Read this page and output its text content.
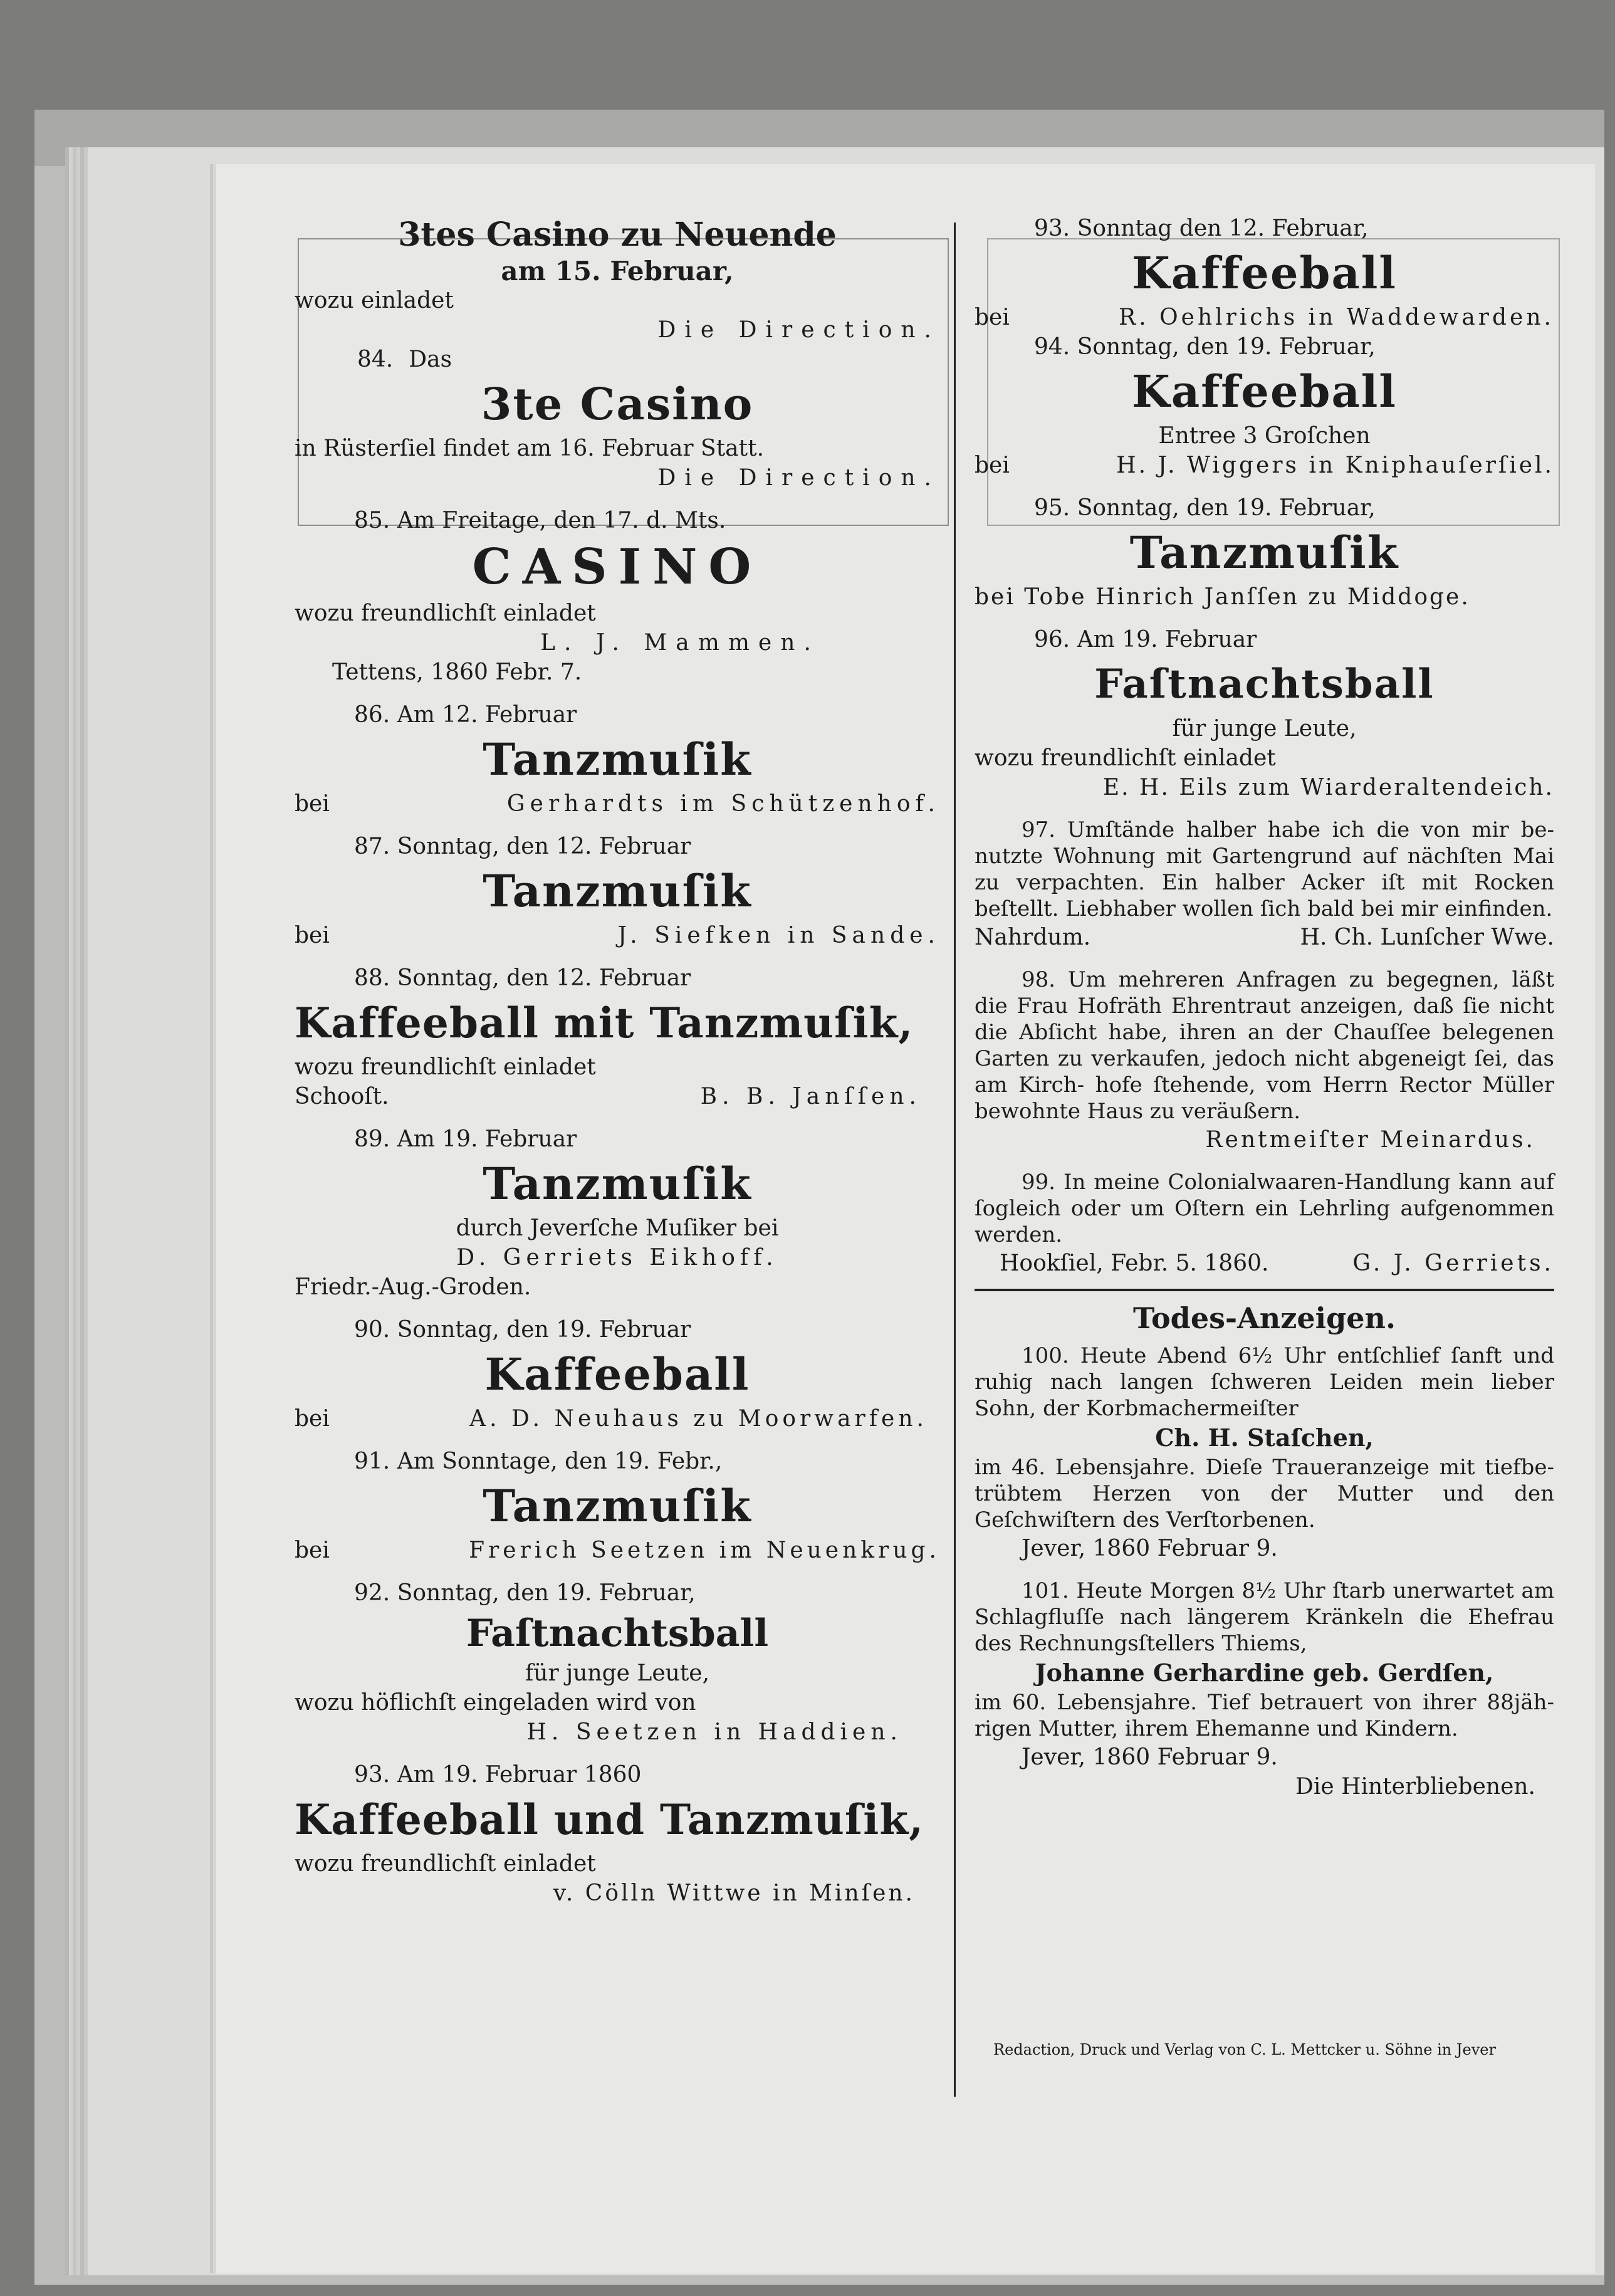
3tes Casino zu Neuende
am 15. Februar,
wozu einladet
Die Direction.
84. Das
3te Casino
in Rüsterſiel findet am 16. Februar Statt.
Die Direction.
85. Am Freitage, den 17. d. Mts.
CASINO
wozu freundlichſt einladet
L. J. Mammen.
Tettens, 1860 Febr. 7.
86. Am 12. Februar
Tanzmuſik
bei	Gerhardts im Schützenhof.
87. Sonntag, den 12. Februar
Tanzmuſik
bei	J. Siefken in Sande.
88. Sonntag, den 12. Februar
Kaffeeball mit Tanzmuſik,
wozu freundlichſt einladet
Schooſt.	B. B. Janſſen.
89. Am 19. Februar
Tanzmuſik
durch Jeverſche Muſiker bei
D. Gerriets Eikhoff.
Friedr.-Aug.-Groden.
90. Sonntag, den 19. Februar
Kaffeeball
bei	A. D. Neuhaus zu Moorwarfen.
91. Am Sonntage, den 19. Febr.,
Tanzmuſik
bei	Frerich Seetzen im Neuenkrug.
92. Sonntag, den 19. Februar,
Faſtnachtsball
für junge Leute,
wozu höflichſt eingeladen wird von
H. Seetzen in Haddien.
93. Am 19. Februar 1860
Kaffeeball und Tanzmuſik,
wozu freundlichſt einladet
v. Cölln Wittwe in Minſen.
93. Sonntag den 12. Februar,
Kaffeeball
bei	R. Oehlrichs in Waddewarden.
94. Sonntag, den 19. Februar,
Kaffeeball
Entree 3 Groſchen
bei	H. J. Wiggers in Kniphauſerſiel.
95. Sonntag, den 19. Februar,
Tanzmuſik
bei Tobe Hinrich Janſſen zu Middoge.
96. Am 19. Februar
Faſtnachtsball
für junge Leute,
wozu freundlichſt einladet
E. H. Eils zum Wiarderaltendeich.

97. Umſtände halber habe ich die von mir be- nutzte Wohnung mit Gartengrund auf nächſten Mai zu verpachten. Ein halber Acker iſt mit Rocken beſtellt. Liebhaber wollen ſich bald bei mir einfinden.

Nahrdum.	H. Ch. Lunſcher Wwe.

98. Um mehreren Anfragen zu begegnen, läßt die Frau Hofräth Ehrentraut anzeigen, daß ſie nicht die Abſicht habe, ihren an der Chauſſee belegenen Garten zu verkaufen, jedoch nicht abgeneigt ſei, das am Kirch- hofe ſtehende, vom Herrn Rector Müller bewohnte Haus zu veräußern.

Rentmeiſter Meinardus.

99. In meine Colonialwaaren-Handlung kann auf ſogleich oder um Oſtern ein Lehrling aufgenommen werden.

Hookſiel, Febr. 5. 1860.	G. J. Gerriets.
Todes-Anzeigen.

100. Heute Abend 6½ Uhr entſchlief ſanft und ruhig nach langen ſchweren Leiden mein lieber Sohn, der Korbmachermeiſter

Ch. H. Staſchen,

im 46. Lebensjahre. Dieſe Traueranzeige mit tiefbe- trübtem Herzen von der Mutter und den Geſchwiſtern des Verſtorbenen.

Jever, 1860 Februar 9.

101. Heute Morgen 8½ Uhr ſtarb unerwartet am Schlagfluſſe nach längerem Kränkeln die Ehefrau des Rechnungsſtellers Thiems,

Johanne Gerhardine geb. Gerdſen,

im 60. Lebensjahre. Tief betrauert von ihrer 88jäh- rigen Mutter, ihrem Ehemanne und Kindern.

Jever, 1860 Februar 9.
Die Hinterbliebenen.
Redaction, Druck und Verlag von C. L. Mettcker u. Söhne in Jever
